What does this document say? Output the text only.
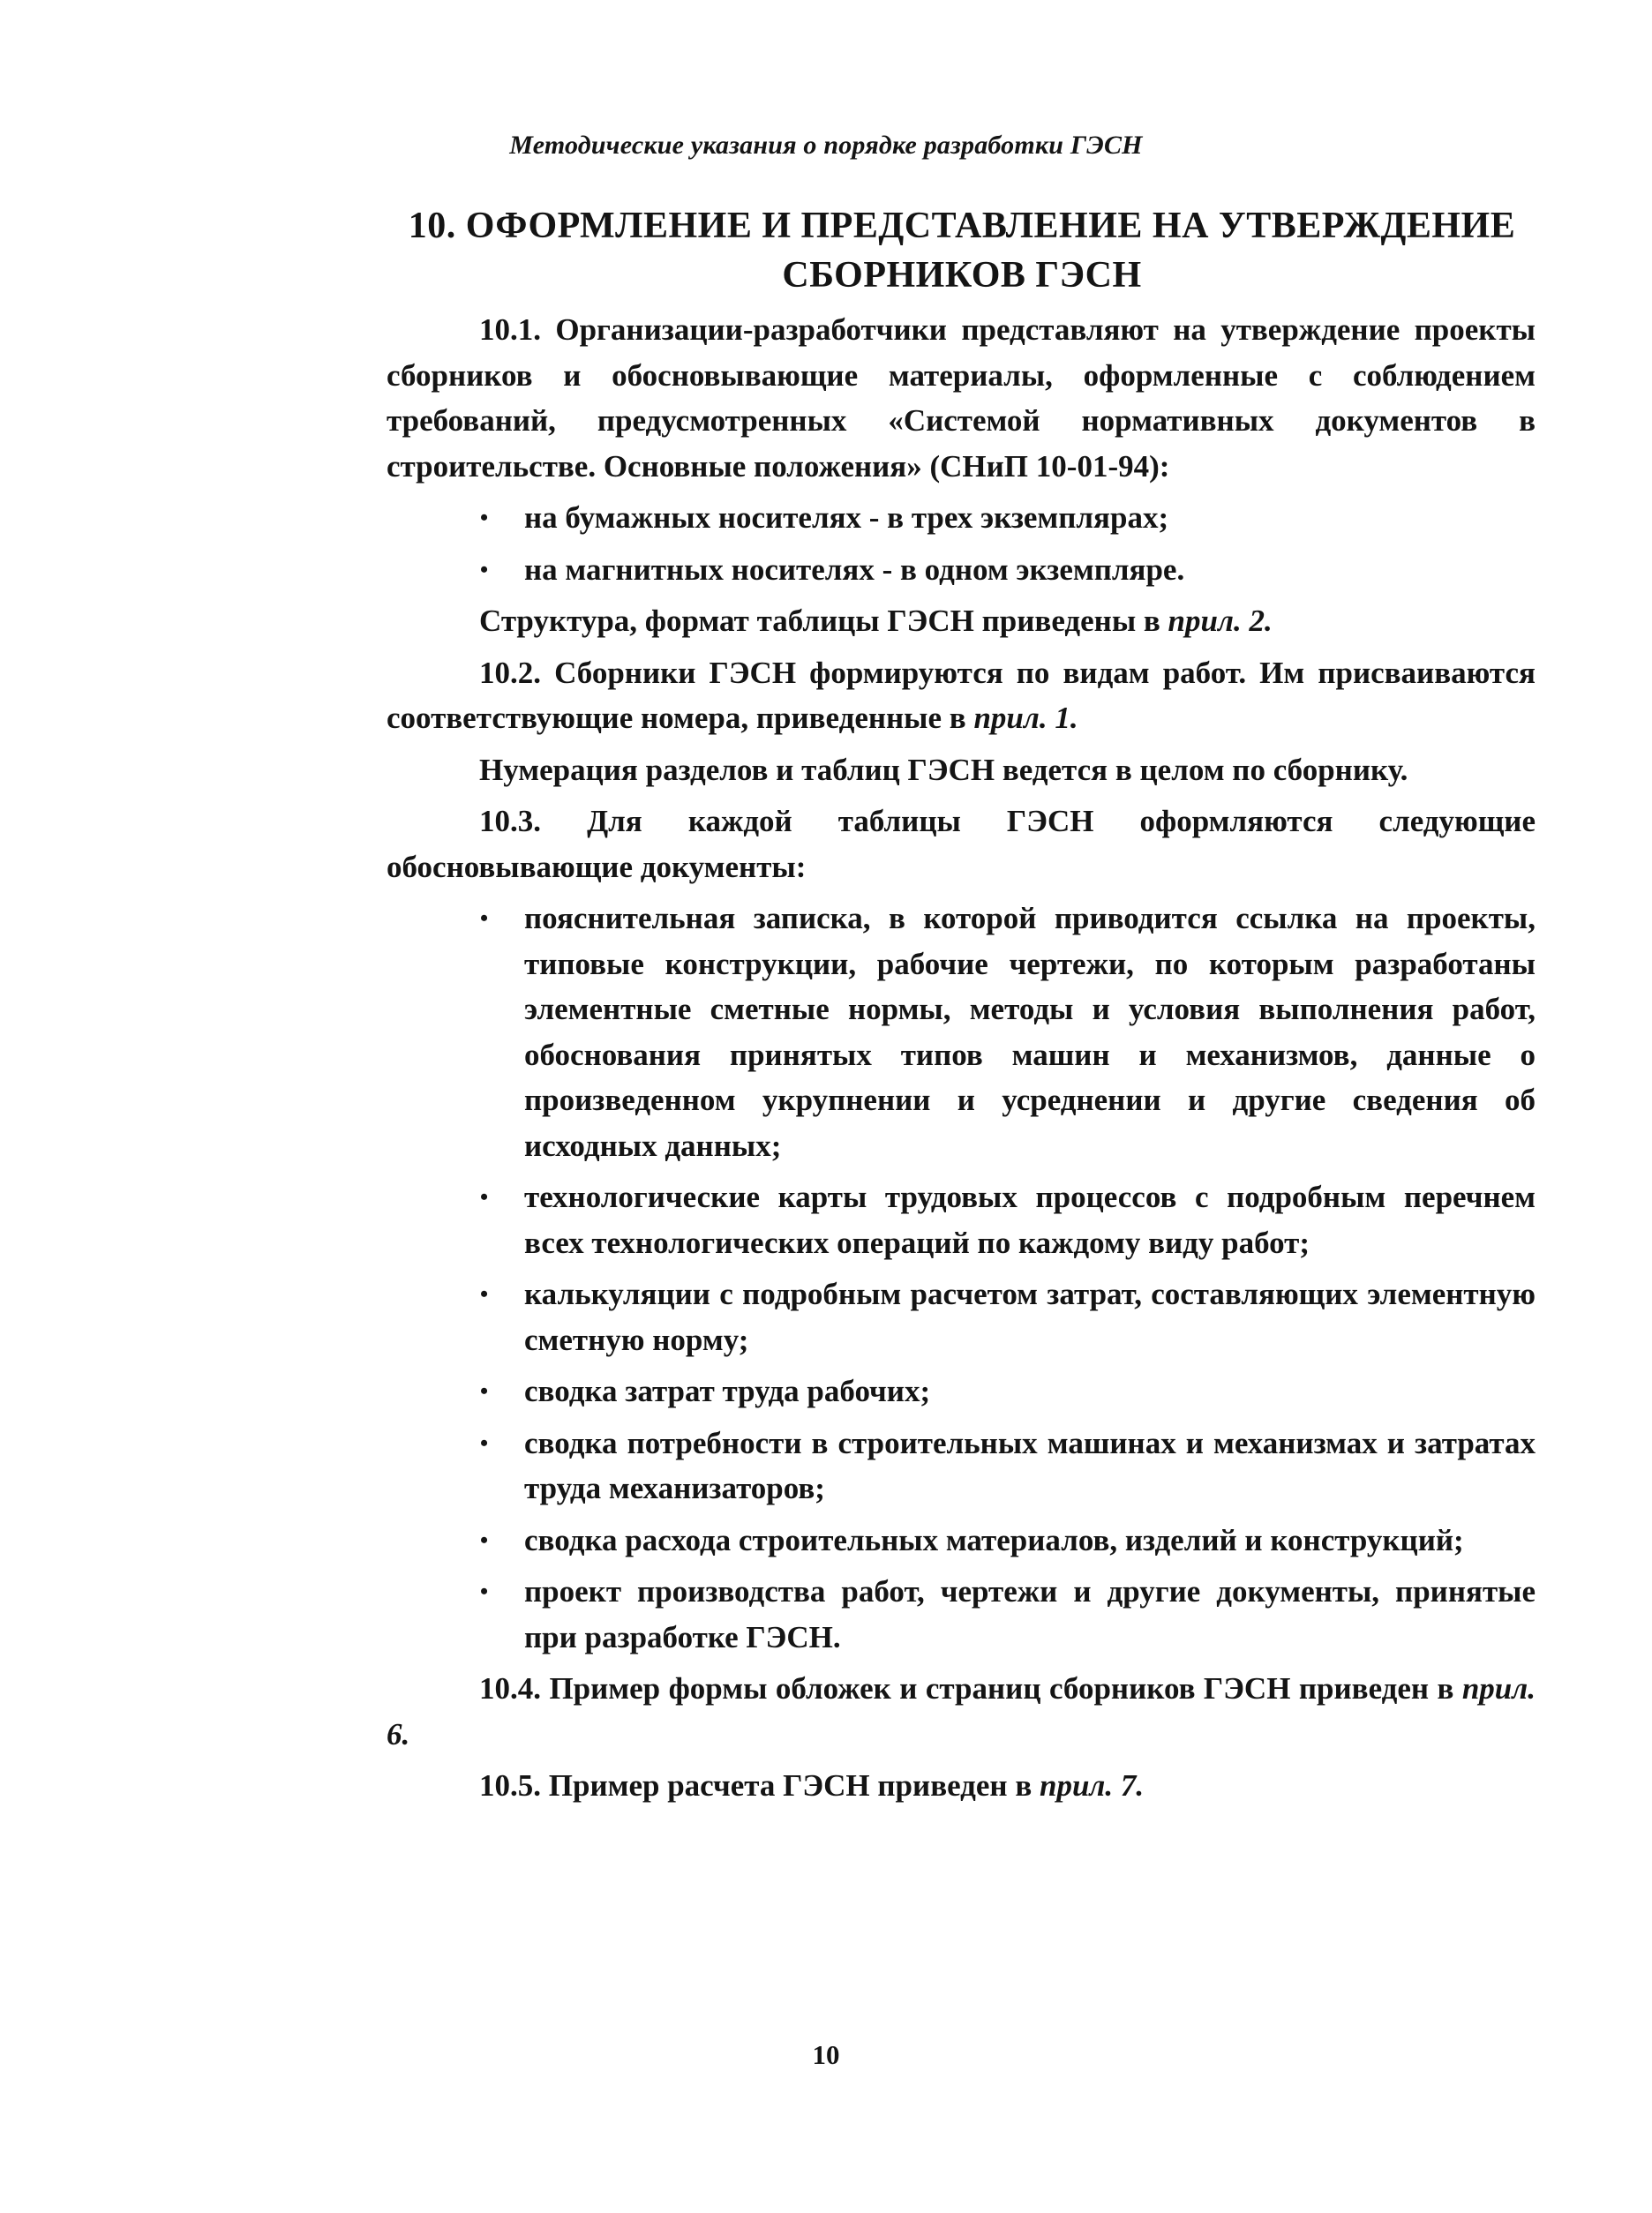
Методические указания о порядке разработки ГЭСН
10. ОФОРМЛЕНИЕ И ПРЕДСТАВЛЕНИЕ НА УТВЕРЖДЕНИЕ
СБОРНИКОВ ГЭСН

10.1. Организации-разработчики представляют на утверждение проекты сборников и обосновывающие материалы, оформленные с соблюдением требований, предусмотренных «Системой нормативных документов в строительстве. Основные положения» (СНиП 10-01-94):

• на бумажных носителях - в трех экземплярах;
• на магнитных носителях - в одном экземпляре.

Структура, формат таблицы ГЭСН приведены в прил. 2.

10.2. Сборники ГЭСН формируются по видам работ. Им присваиваются соответствующие номера, приведенные в прил. 1.

Нумерация разделов и таблиц ГЭСН ведется в целом по сборнику.

10.3. Для каждой таблицы ГЭСН оформляются следующие обосновывающие документы:

• пояснительная записка, в которой приводится ссылка на проекты, типовые конструкции, рабочие чертежи, по которым разработаны элементные сметные нормы, методы и условия выполнения работ, обоснования принятых типов машин и механизмов, данные о произведенном укрупнении и усреднении и другие сведения об исходных данных;
• технологические карты трудовых процессов с подробным перечнем всех технологических операций по каждому виду работ;
• калькуляции с подробным расчетом затрат, составляющих элементную сметную норму;
• сводка затрат труда рабочих;
• сводка потребности в строительных машинах и механизмах и затратах труда механизаторов;
• сводка расхода строительных материалов, изделий и конструкций;
• проект производства работ, чертежи и другие документы, принятые при разработке ГЭСН.

10.4. Пример формы обложек и страниц сборников ГЭСН приведен в прил. 6.

10.5. Пример расчета ГЭСН приведен в прил. 7.

10
